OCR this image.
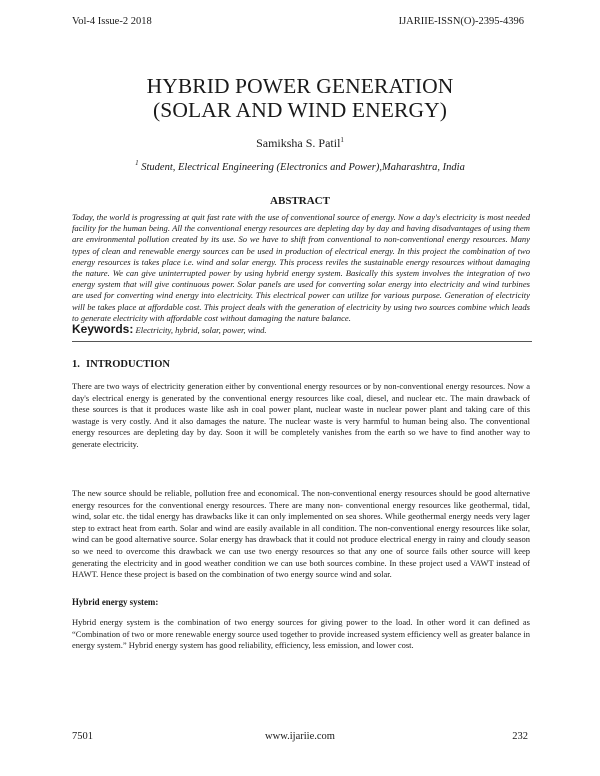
Vol-4 Issue-2 2018	IJARIIE-ISSN(O)-2395-4396
HYBRID POWER GENERATION
(SOLAR AND WIND ENERGY)
Samiksha S. Patil$^1$
$^1$ Student, Electrical Engineering (Electronics and Power),Maharashtra, India
ABSTRACT
Today, the world is progressing at quit fast rate with the use of conventional source of energy. Now a day's electricity is most needed facility for the human being. All the conventional energy resources are depleting day by day and having disadvantages of using them are environmental pollution created by its use. So we have to shift from conventional to non-conventional energy resources. Many types of clean and renewable energy sources can be used in production of electrical energy. In this project the combination of two energy resources is takes place i.e. wind and solar energy. This process reviles the sustainable energy resources without damaging the nature. We can give uninterrupted power by using hybrid energy system. Basically this system involves the integration of two energy system that will give continuous power. Solar panels are used for converting solar energy into electricity and wind turbines are used for converting wind energy into electricity. This electrical power can utilize for various purpose. Generation of electricity will be takes place at affordable cost. This project deals with the generation of electricity by using two sources combine which leads to generate electricity with affordable cost without damaging the nature balance.
Keywords: Electricity, hybrid, solar, power, wind.
1. INTRODUCTION
There are two ways of electricity generation either by conventional energy resources or by non-conventional energy resources. Now a day's electrical energy is generated by the conventional energy resources like coal, diesel, and nuclear etc. The main drawback of these sources is that it produces waste like ash in coal power plant, nuclear waste in nuclear power plant and taking care of this wastage is very costly. And it also damages the nature. The nuclear waste is very harmful to human being also. The conventional energy resources are depleting day by day. Soon it will be completely vanishes from the earth so we have to find another way to generate electricity.
The new source should be reliable, pollution free and economical. The non-conventional energy resources should be good alternative energy resources for the conventional energy resources. There are many non- conventional energy resources like geothermal, tidal, wind, solar etc. the tidal energy has drawbacks like it can only implemented on sea shores. While geothermal energy needs very lager step to extract heat from earth. Solar and wind are easily available in all condition. The non-conventional energy resources like solar, wind can be good alternative source. Solar energy has drawback that it could not produce electrical energy in rainy and cloudy season so we need to overcome this drawback we can use two energy resources so that any one of source fails other source will keep generating the electricity and in good weather condition we can use both sources combine. In these project used a VAWT instead of HAWT. Hence these project is based on the combination of two energy source wind and solar.
Hybrid energy system:
Hybrid energy system is the combination of two energy sources for giving power to the load. In other word it can defined as “Combination of two or more renewable energy source used together to provide increased system efficiency well as greater balance in energy system.” Hybrid energy system has good reliability, efficiency, less emission, and lower cost.
7501	www.ijariie.com	232
